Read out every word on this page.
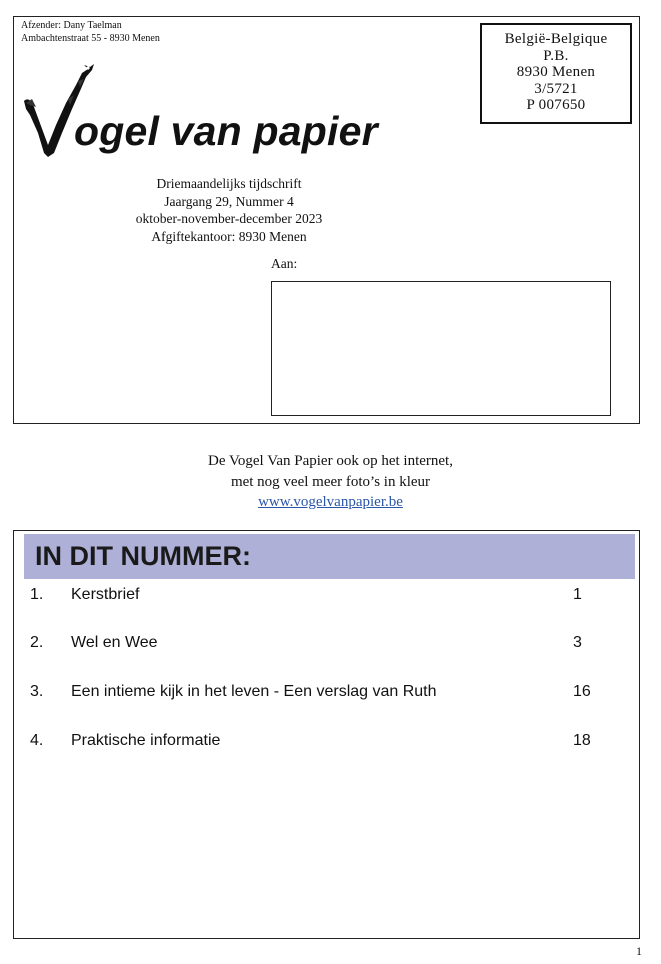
Afzender: Dany Taelman
Ambachtenstraat 55 - 8930 Menen	België-Belgique
P.B.
8930 Menen
3/5721
P 007650
ogel van papier
Driemaandelijks tijdschrift
Jaargang 29, Nummer 4
oktober-november-december 2023
Afgiftekantoor: 8930 Menen
Aan:
De Vogel Van Papier ook op het internet,
met nog veel meer foto’s in kleur
www.vogelvanpapier.be
IN DIT NUMMER:
1. Kerstbrief	1
2. Wel en Wee	3
3. Een intieme kijk in het leven - Een verslag van Ruth	16
4. Praktische informatie	18
1
